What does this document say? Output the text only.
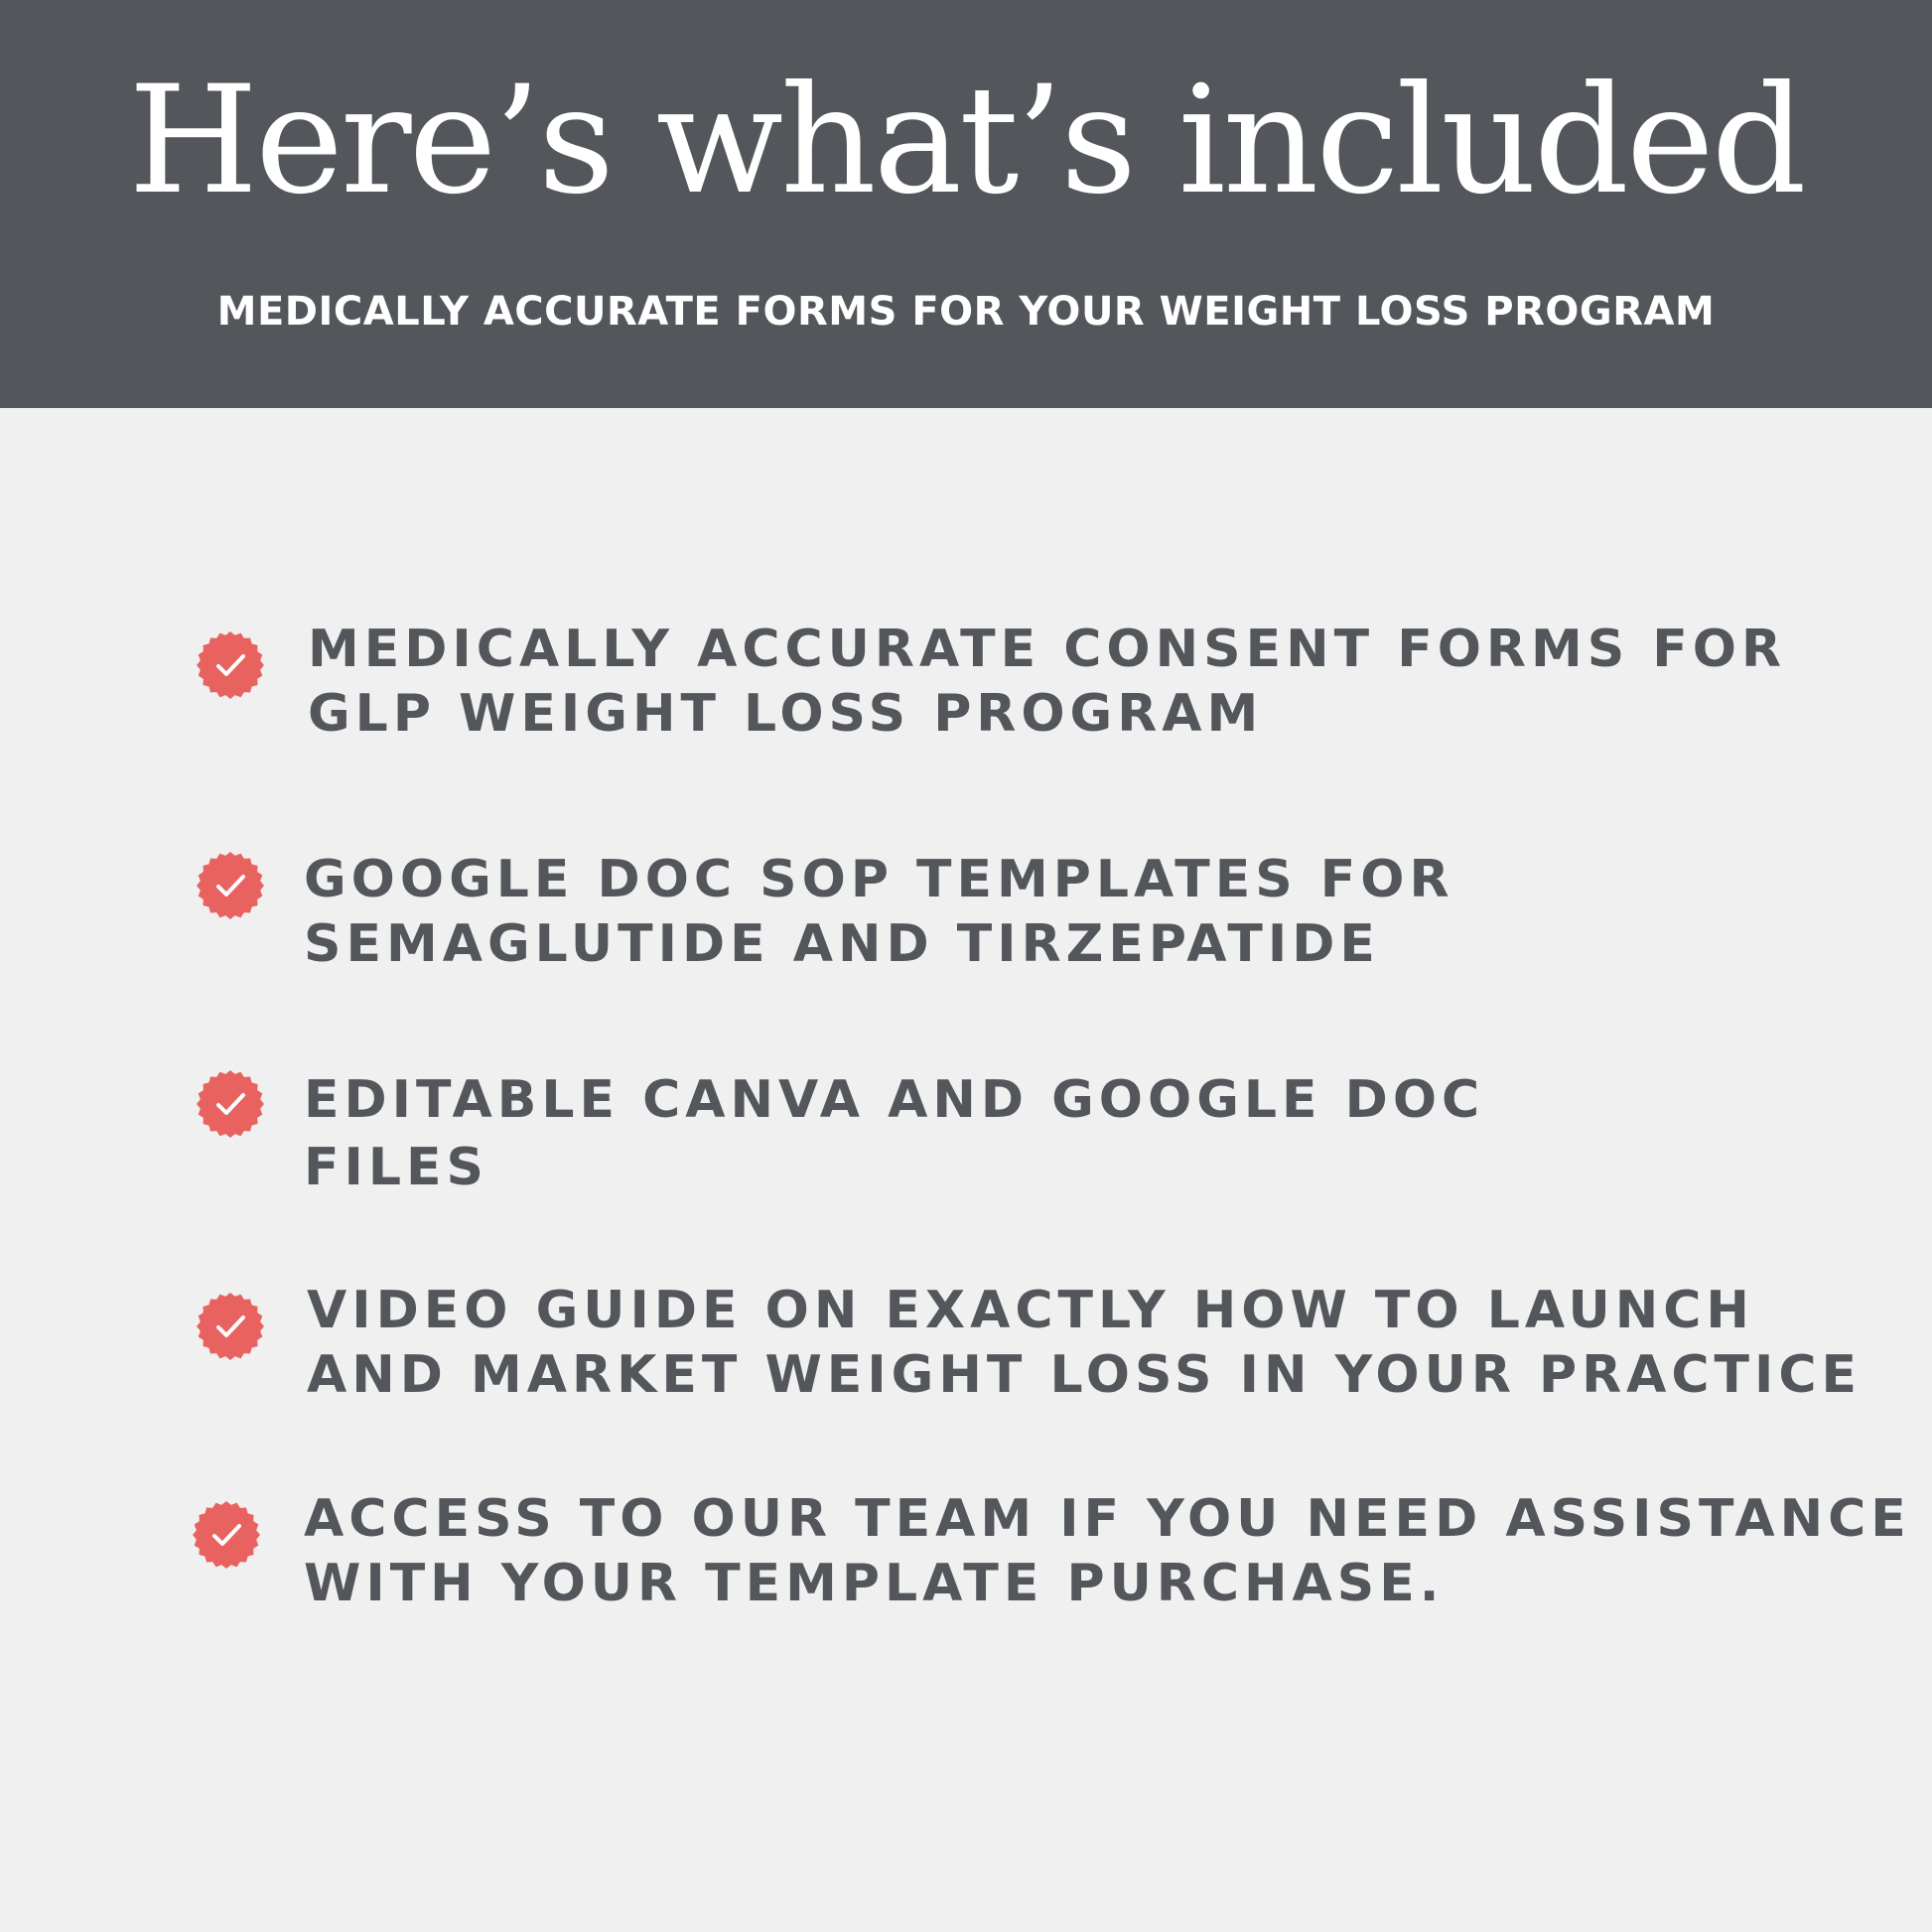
Here’s what’s included
MEDICALLY ACCURATE FORMS FOR YOUR WEIGHT LOSS PROGRAM
MEDICALLY ACCURATE CONSENT FORMS FOR
GLP WEIGHT LOSS PROGRAM
GOOGLE DOC SOP TEMPLATES FOR
SEMAGLUTIDE AND TIRZEPATIDE
EDITABLE CANVA AND GOOGLE DOC
FILES
VIDEO GUIDE ON EXACTLY HOW TO LAUNCH
AND MARKET WEIGHT LOSS IN YOUR PRACTICE
ACCESS TO OUR TEAM IF YOU NEED ASSISTANCE
WITH YOUR TEMPLATE PURCHASE.
